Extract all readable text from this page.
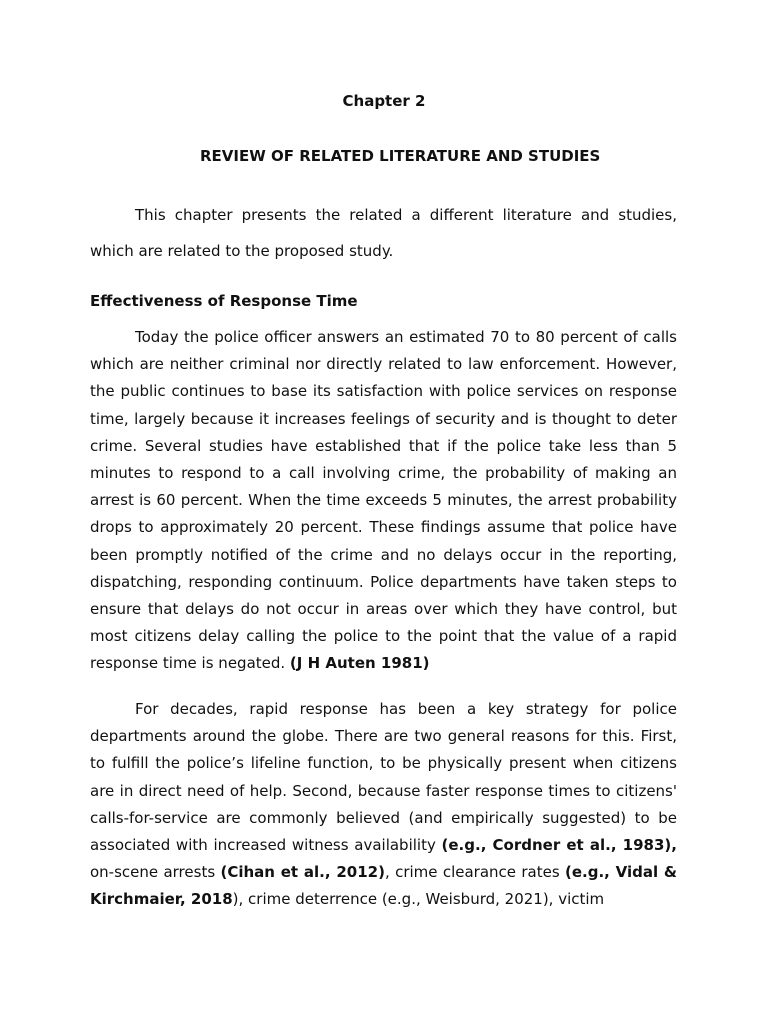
Chapter 2
REVIEW OF RELATED LITERATURE AND STUDIES

This chapter presents the related a different literature and studies, which are related to the proposed study.

Effectiveness of Response Time

Today the police officer answers an estimated 70 to 80 percent of calls which are neither criminal nor directly related to law enforcement. However, the public continues to base its satisfaction with police services on response time, largely because it increases feelings of security and is thought to deter crime. Several studies have established that if the police take less than 5 minutes to respond to a call involving crime, the probability of making an arrest is 60 percent. When the time exceeds 5 minutes, the arrest probability drops to approximately 20 percent. These findings assume that police have been promptly notified of the crime and no delays occur in the reporting, dispatching, responding continuum. Police departments have taken steps to ensure that delays do not occur in areas over which they have control, but most citizens delay calling the police to the point that the value of a rapid response time is negated. (J H Auten 1981)

For decades, rapid response has been a key strategy for police departments around the globe. There are two general reasons for this. First, to fulfill the police’s lifeline function, to be physically present when citizens are in direct need of help. Second, because faster response times to citizens' calls-for-service are commonly believed (and empirically suggested) to be associated with increased witness availability (e.g., Cordner et al., 1983), on-scene arrests (Cihan et al., 2012), crime clearance rates (e.g., Vidal & Kirchmaier, 2018), crime deterrence (e.g., Weisburd, 2021), victim
